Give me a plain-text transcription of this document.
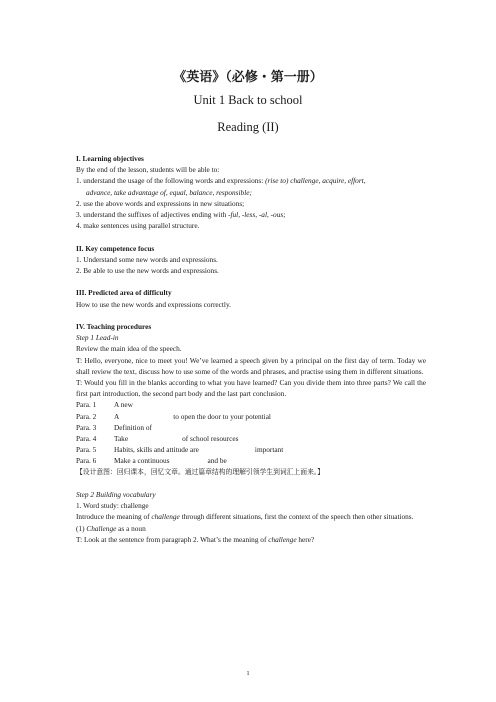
《英语》（必修・第一册）
Unit 1 Back to school
Reading (II)

I. Learning objectives

By the end of the lesson, students will be able to:

1. understand the usage of the following words and expressions: (rise to) challenge, acquire, effort,

advance, take advantage of, equal, balance, responsible;

2. use the above words and expressions in new situations;

3. understand the suffixes of adjectives ending with -ful, -less, -al, -ous;

4. make sentences using parallel structure.

II. Key competence focus

1. Understand some new words and expressions.

2. Be able to use the new words and expressions.

III. Predicted area of difficulty

How to use the new words and expressions correctly.

IV. Teaching procedures

Step 1 Lead-in

Review the main idea of the speech.

T: Hello, everyone, nice to meet you! We’ve learned a speech given by a principal on the first day of term. Today we shall review the text, discuss how to use some of the words and phrases, and practise using them in different situations.

T: Would you fill in the blanks according to what you have learned? Can you divide them into three parts? We call the first part introduction, the second part body and the last part conclusion.

Para. 1	A new
Para. 2	A	to open the door to your potential
Para. 3	Definition of
Para. 4	Take	of school resources
Para. 5	Habits, skills and attitude are	important
Para. 6	Make a continuous	and be

【设计意图：回归课本，回忆文章。通过篇章结构的理解引领学生到词汇上面来。】

Step 2 Building vocabulary

1. Word study: challenge

Introduce the meaning of challenge through different situations, first the context of the speech then other situations.

(1) Challenge as a noun

T: Look at the sentence from paragraph 2. What’s the meaning of challenge here?

1
